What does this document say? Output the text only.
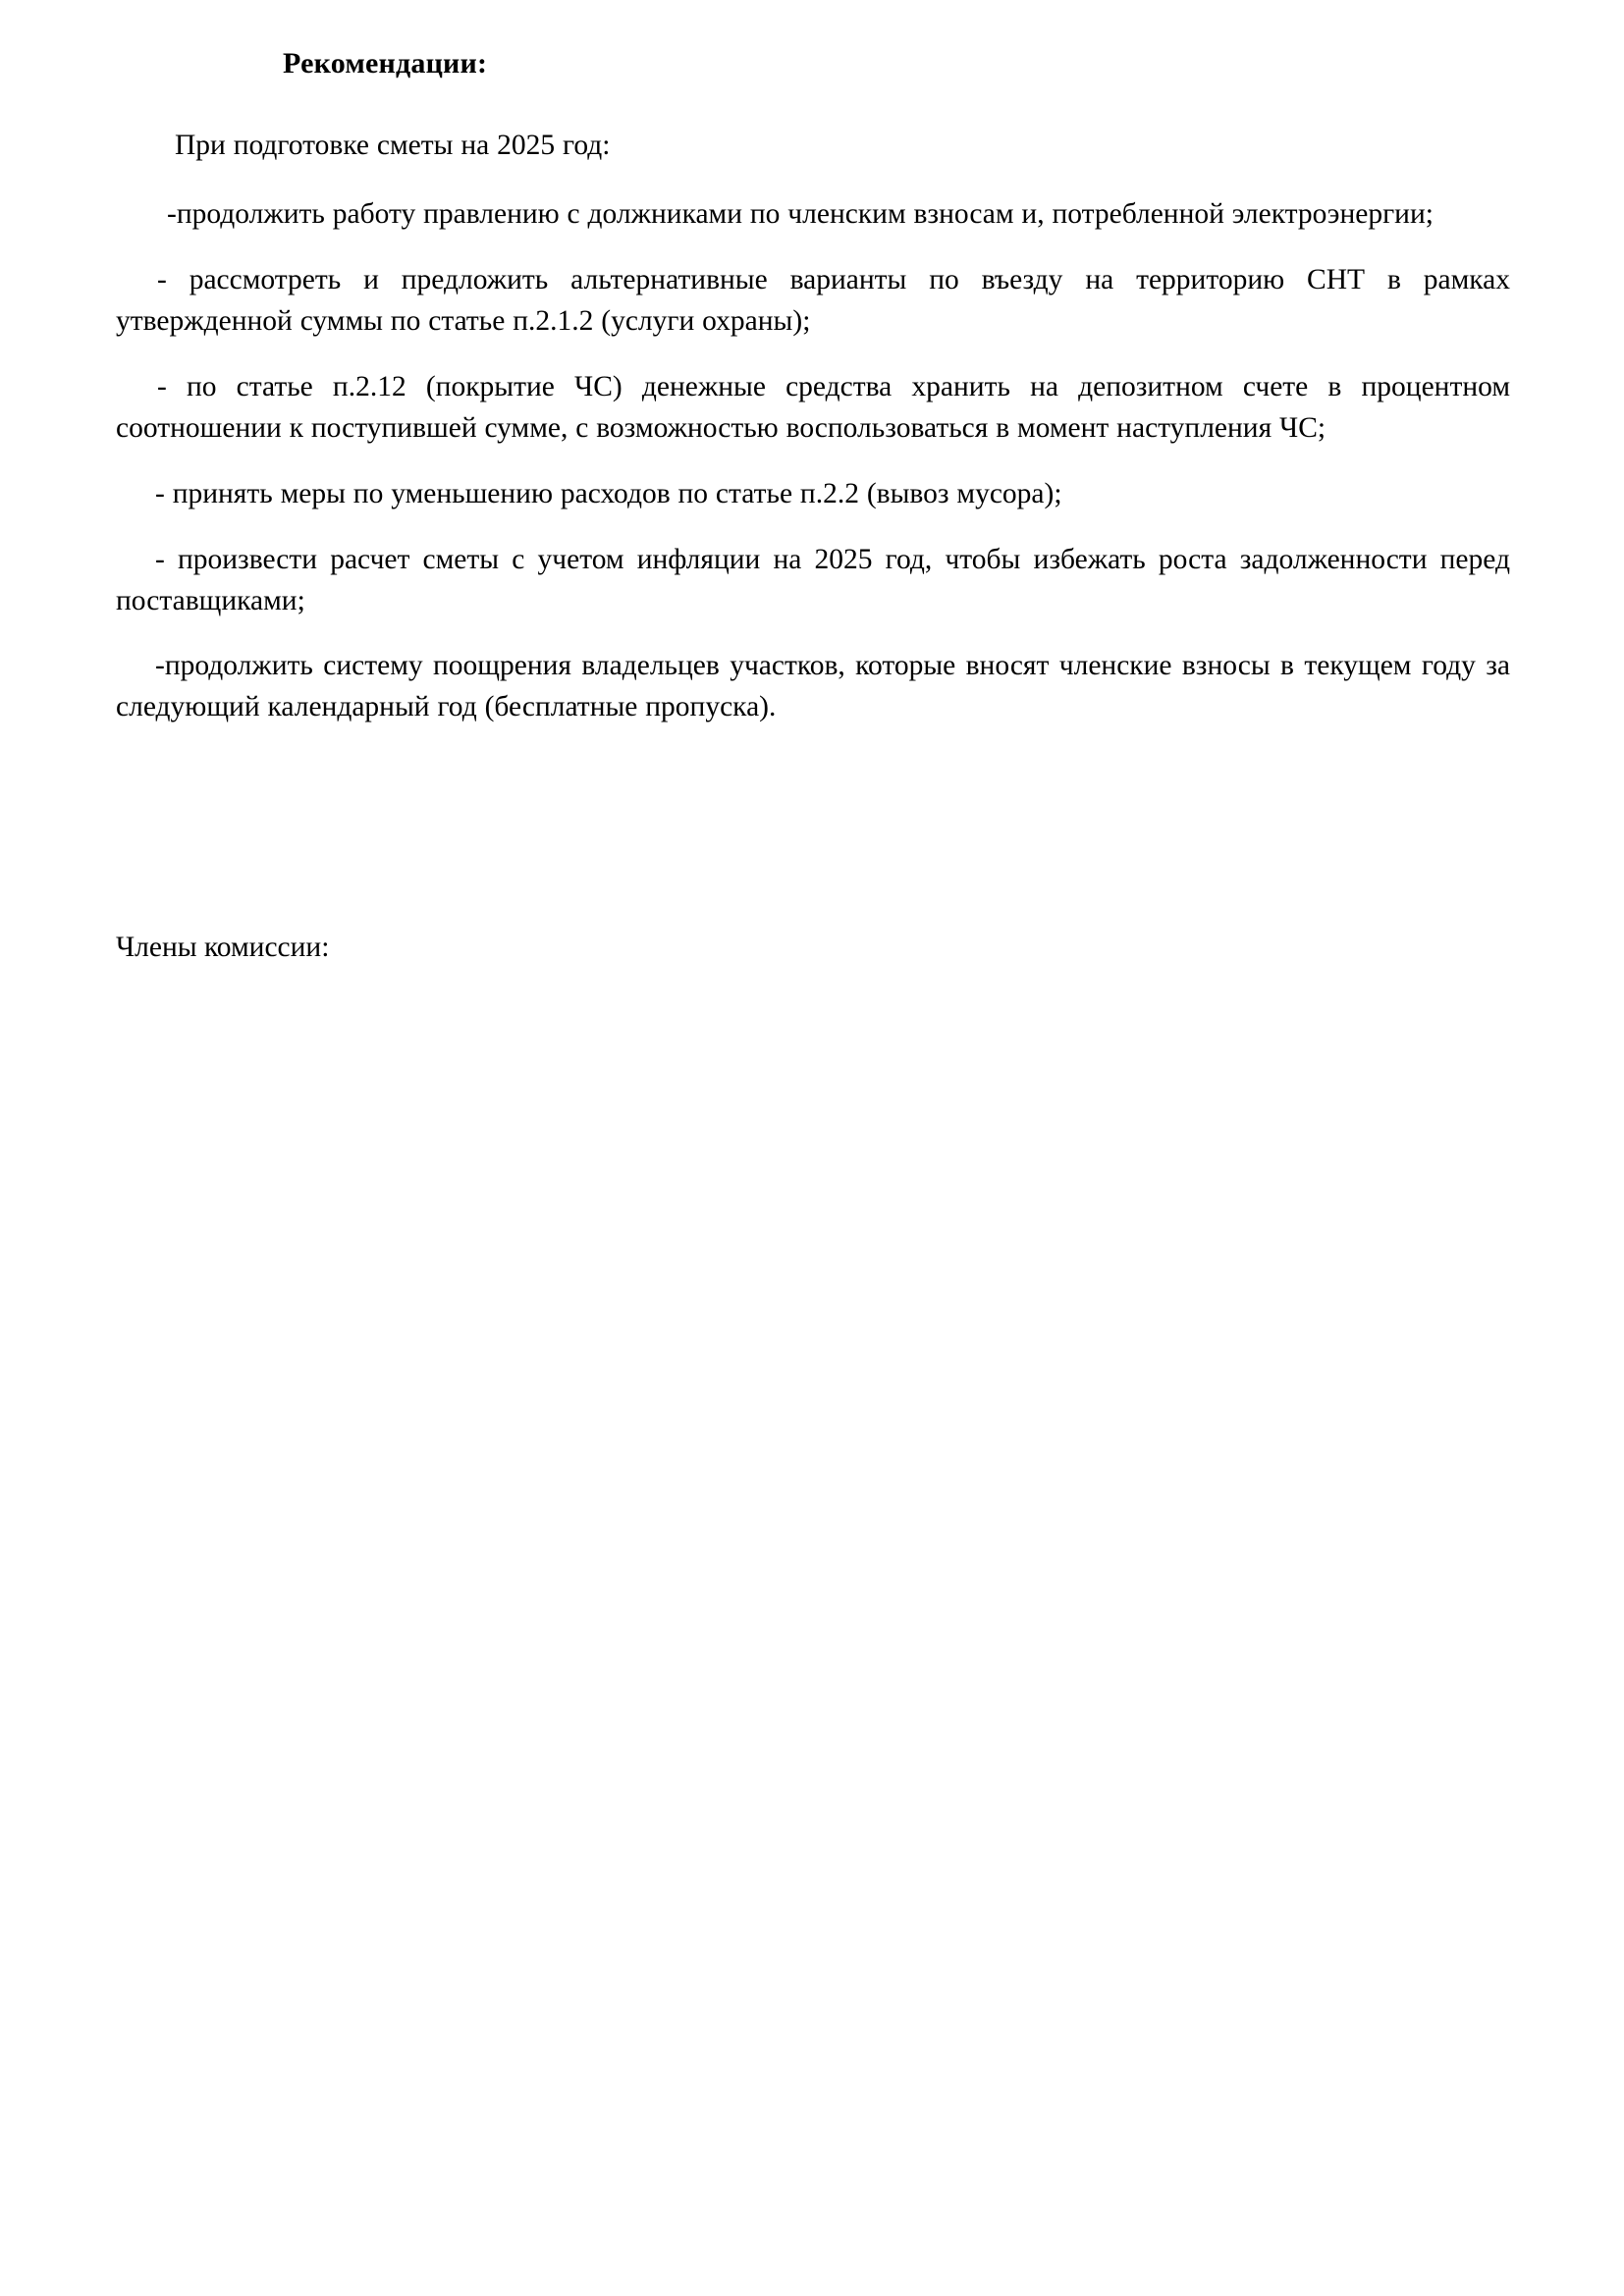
Рекомендации:

При подготовке сметы на 2025 год:

-продолжить работу правлению с должниками по членским взносам и, потребленной электроэнергии;

- рассмотреть и предложить альтернативные варианты по въезду на территорию СНТ в рамках утвержденной суммы по статье п.2.1.2 (услуги охраны);

- по статье п.2.12 (покрытие ЧС) денежные средства хранить на депозитном счете в процентном соотношении к поступившей сумме, с возможностью воспользоваться в момент наступления ЧС;

- принять меры по уменьшению расходов по статье п.2.2 (вывоз мусора);

- произвести расчет сметы с учетом инфляции на 2025 год, чтобы избежать роста задолженности перед поставщиками;

-продолжить систему поощрения владельцев участков, которые вносят членские взносы в текущем году за следующий календарный год (бесплатные пропуска).

Члены комиссии:
